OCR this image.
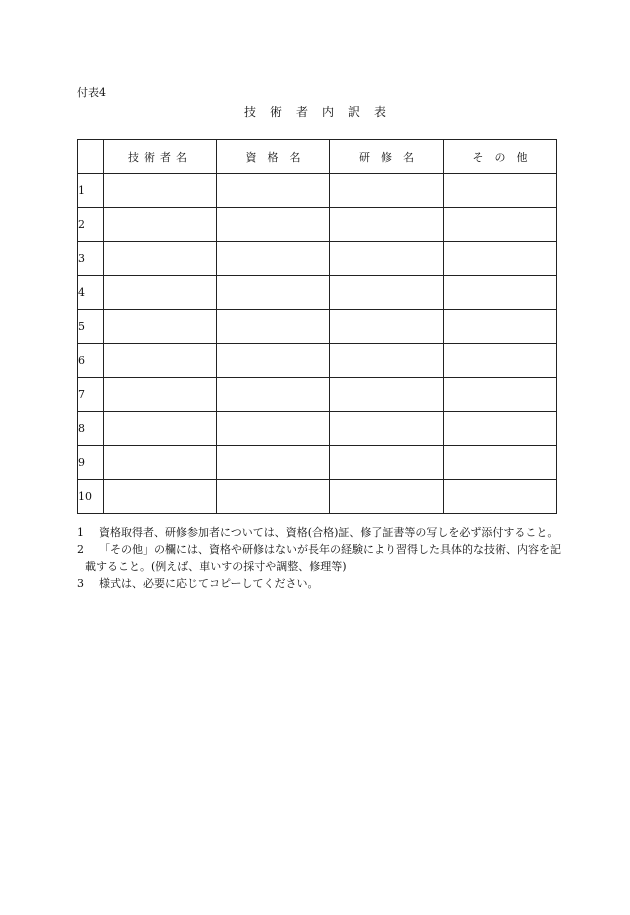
付表4
技術者内訳表
	技術者名	資　格　名	研　修　名	そ　の　他
1				
2				
3				
4				
5				
6				
7				
8				
9				
10				
1 資格取得者、研修参加者については、資格(合格)証、修了証書等の写しを必ず添付すること。
2 「その他」の欄には、資格や研修はないが長年の経験により習得した具体的な技術、内容を記載すること。(例えば、車いすの採寸や調整、修理等)
3 様式は、必要に応じてコピーしてください。
